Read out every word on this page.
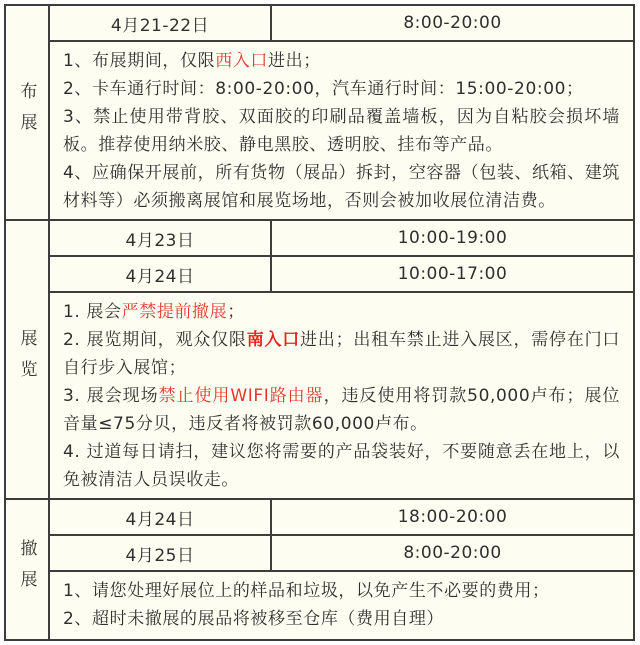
布展
4月21-22日	8:00-20:00

1、布展期间，仅限西入口进出；

2、卡车通行时间：8:00-20:00，汽车通行时间：15:00-20:00；

3、禁止使用带背胶、双面胶的印刷品覆盖墙板，因为自粘胶会损坏墙板。推荐使用纳米胶、静电黑胶、透明胶、挂布等产品。

4、应确保开展前，所有货物（展品）拆封，空容器（包装、纸箱、建筑材料等）必须搬离展馆和展览场地，否则会被加收展位清洁费。

展览
4月23日	10:00-19:00
4月24日	10:00-17:00

1. 展会严禁提前撤展；

2. 展览期间，观众仅限南入口进出；出租车禁止进入展区，需停在门口自行步入展馆；

3. 展会现场禁止使用WIFI路由器，违反使用将罚款50,000卢布；展位音量≤75分贝，违反者将被罚款60,000卢布。

4. 过道每日请扫，建议您将需要的产品袋装好，不要随意丢在地上，以免被清洁人员误收走。

撤展
4月24日	18:00-20:00
4月25日	8:00-20:00

1、请您处理好展位上的样品和垃圾，以免产生不必要的费用；

2、超时未撤展的展品将被移至仓库（费用自理）
